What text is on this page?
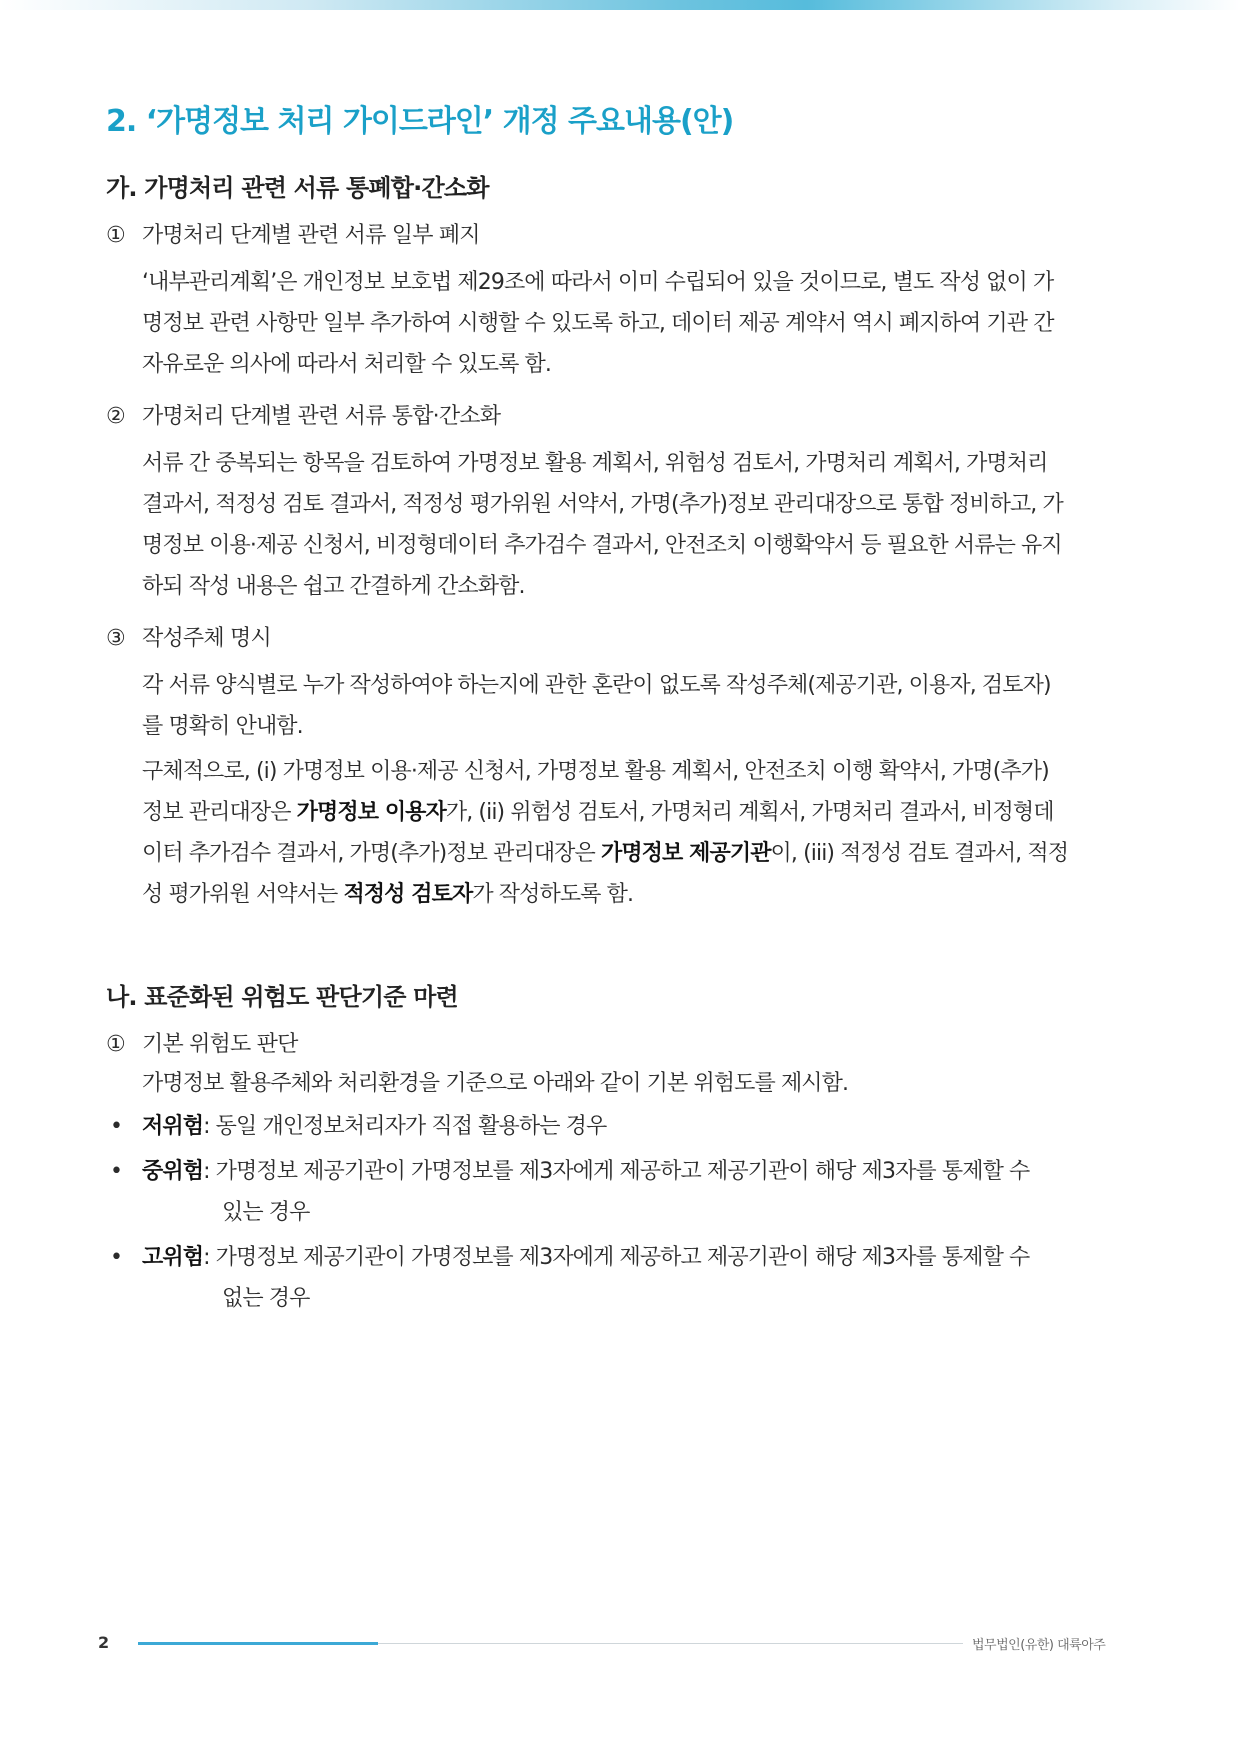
2. ‘가명정보 처리 가이드라인’ 개정 주요내용(안)
가. 가명처리 관련 서류 통폐합·간소화
① 가명처리 단계별 관련 서류 일부 폐지
‘내부관리계획’은 개인정보 보호법 제29조에 따라서 이미 수립되어 있을 것이므로, 별도 작성 없이 가
명정보 관련 사항만 일부 추가하여 시행할 수 있도록 하고, 데이터 제공 계약서 역시 폐지하여 기관 간
자유로운 의사에 따라서 처리할 수 있도록 함.
② 가명처리 단계별 관련 서류 통합·간소화
서류 간 중복되는 항목을 검토하여 가명정보 활용 계획서, 위험성 검토서, 가명처리 계획서, 가명처리
결과서, 적정성 검토 결과서, 적정성 평가위원 서약서, 가명(추가)정보 관리대장으로 통합 정비하고, 가
명정보 이용·제공 신청서, 비정형데이터 추가검수 결과서, 안전조치 이행확약서 등 필요한 서류는 유지
하되 작성 내용은 쉽고 간결하게 간소화함.
③ 작성주체 명시
각 서류 양식별로 누가 작성하여야 하는지에 관한 혼란이 없도록 작성주체(제공기관, 이용자, 검토자)
를 명확히 안내함.
구체적으로, (i) 가명정보 이용·제공 신청서, 가명정보 활용 계획서, 안전조치 이행 확약서, 가명(추가)
정보 관리대장은 가명정보 이용자가, (ii) 위험성 검토서, 가명처리 계획서, 가명처리 결과서, 비정형데
이터 추가검수 결과서, 가명(추가)정보 관리대장은 가명정보 제공기관이, (iii) 적정성 검토 결과서, 적정
성 평가위원 서약서는 적정성 검토자가 작성하도록 함.
나. 표준화된 위험도 판단기준 마련
① 기본 위험도 판단
가명정보 활용주체와 처리환경을 기준으로 아래와 같이 기본 위험도를 제시함.
• 저위험: 동일 개인정보처리자가 직접 활용하는 경우
• 중위험: 가명정보 제공기관이 가명정보를 제3자에게 제공하고 제공기관이 해당 제3자를 통제할 수
있는 경우
• 고위험: 가명정보 제공기관이 가명정보를 제3자에게 제공하고 제공기관이 해당 제3자를 통제할 수
없는 경우
2	법무법인(유한) 대륙아주
